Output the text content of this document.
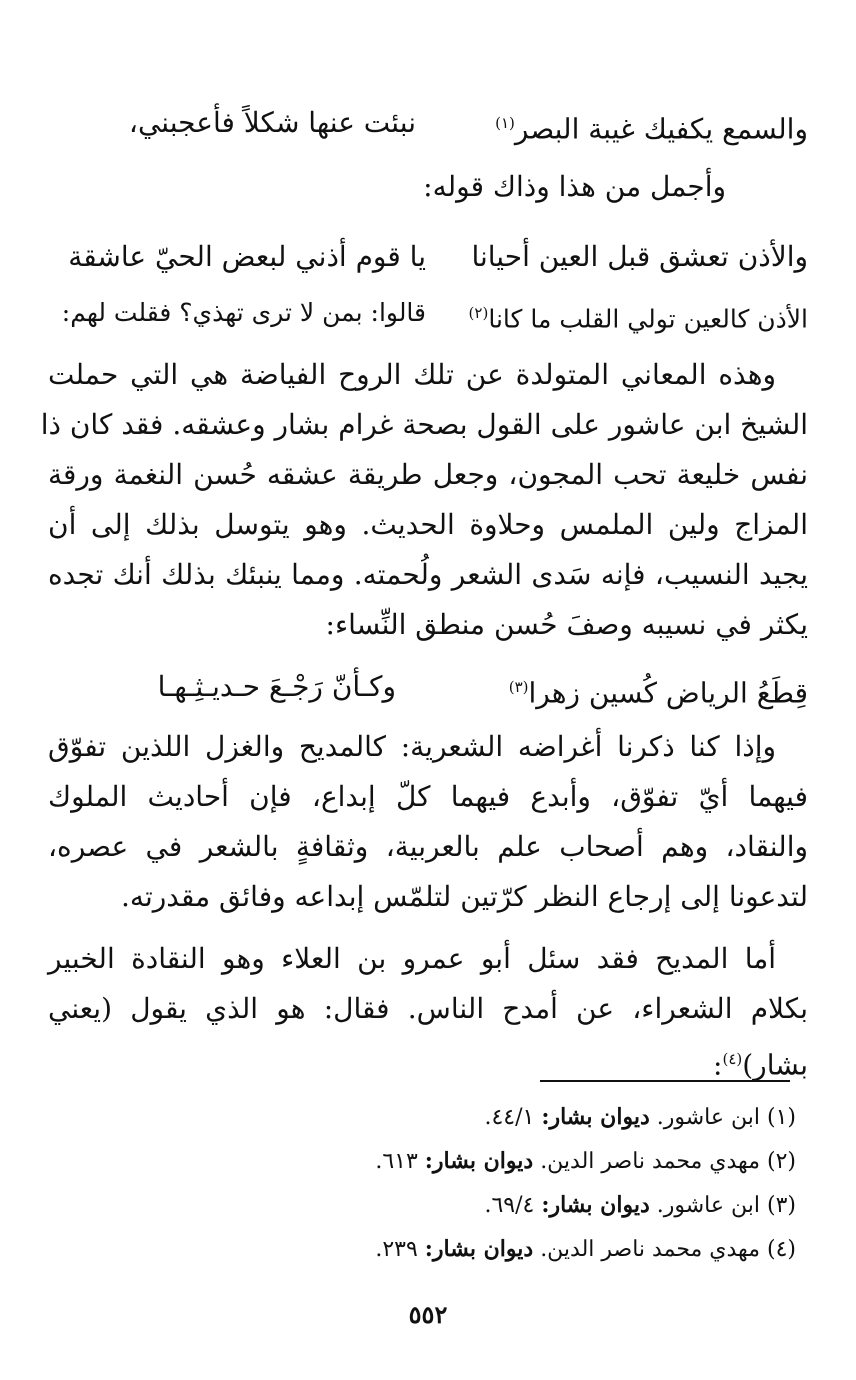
نبئت عنها شكلاً فأعجبني،	والسمع يكفيك غيبة البصر$^{(١)}$
وأجمل من هذا وذاك قوله:
يا قوم أذني لبعض الحيّ عاشقة والأذن تعشق قبل العين أحيانا
قالوا: بمن لا ترى تهذي؟ فقلت لهم:	الأذن كالعين تولي القلب ما كانا$^{(٢)}$
وهذه المعاني المتولدة عن تلك الروح الفياضة هي التي حملت
الشيخ ابن عاشور على القول بصحة غرام بشار وعشقه. فقد كان ذا
نفس خليعة تحب المجون، وجعل طريقة عشقه حُسن النغمة ورقة
المزاج ولين الملمس وحلاوة الحديث. وهو يتوسل بذلك إلى أن
يجيد النسيب، فإنه سَدى الشعر ولُحمته. ومما ينبئك بذلك أنك تجده
يكثر في نسيبه وصفَ حُسن منطق النِّساء:
وكـأنّ رَجْـعَ حـديـثِـهـا	قِطَعُ الرياض كُسين زهرا$^{(٣)}$
وإذا كنا ذكرنا أغراضه الشعرية: كالمديح والغزل اللذين تفوّق
فيهما أيّ تفوّق، وأبدع فيهما كلّ إبداع، فإن أحاديث الملوك
والنقاد، وهم أصحاب علم بالعربية، وثقافةٍ بالشعر في عصره،
لتدعونا إلى إرجاع النظر كرّتين لتلمّس إبداعه وفائق مقدرته.
أما المديح فقد سئل أبو عمرو بن العلاء وهو النقادة الخبير
بكلام الشعراء، عن أمدح الناس. فقال: هو الذي يقول (يعني
بشار)$^{(٤)}$:
(١) ابن عاشور. ديوان بشار: ٤٤/١.
(٢) مهدي محمد ناصر الدين. ديوان بشار: ٦١٣.
(٣) ابن عاشور. ديوان بشار: ٦٩/٤.
(٤) مهدي محمد ناصر الدين. ديوان بشار: ٢٣٩.
٥٥٢
